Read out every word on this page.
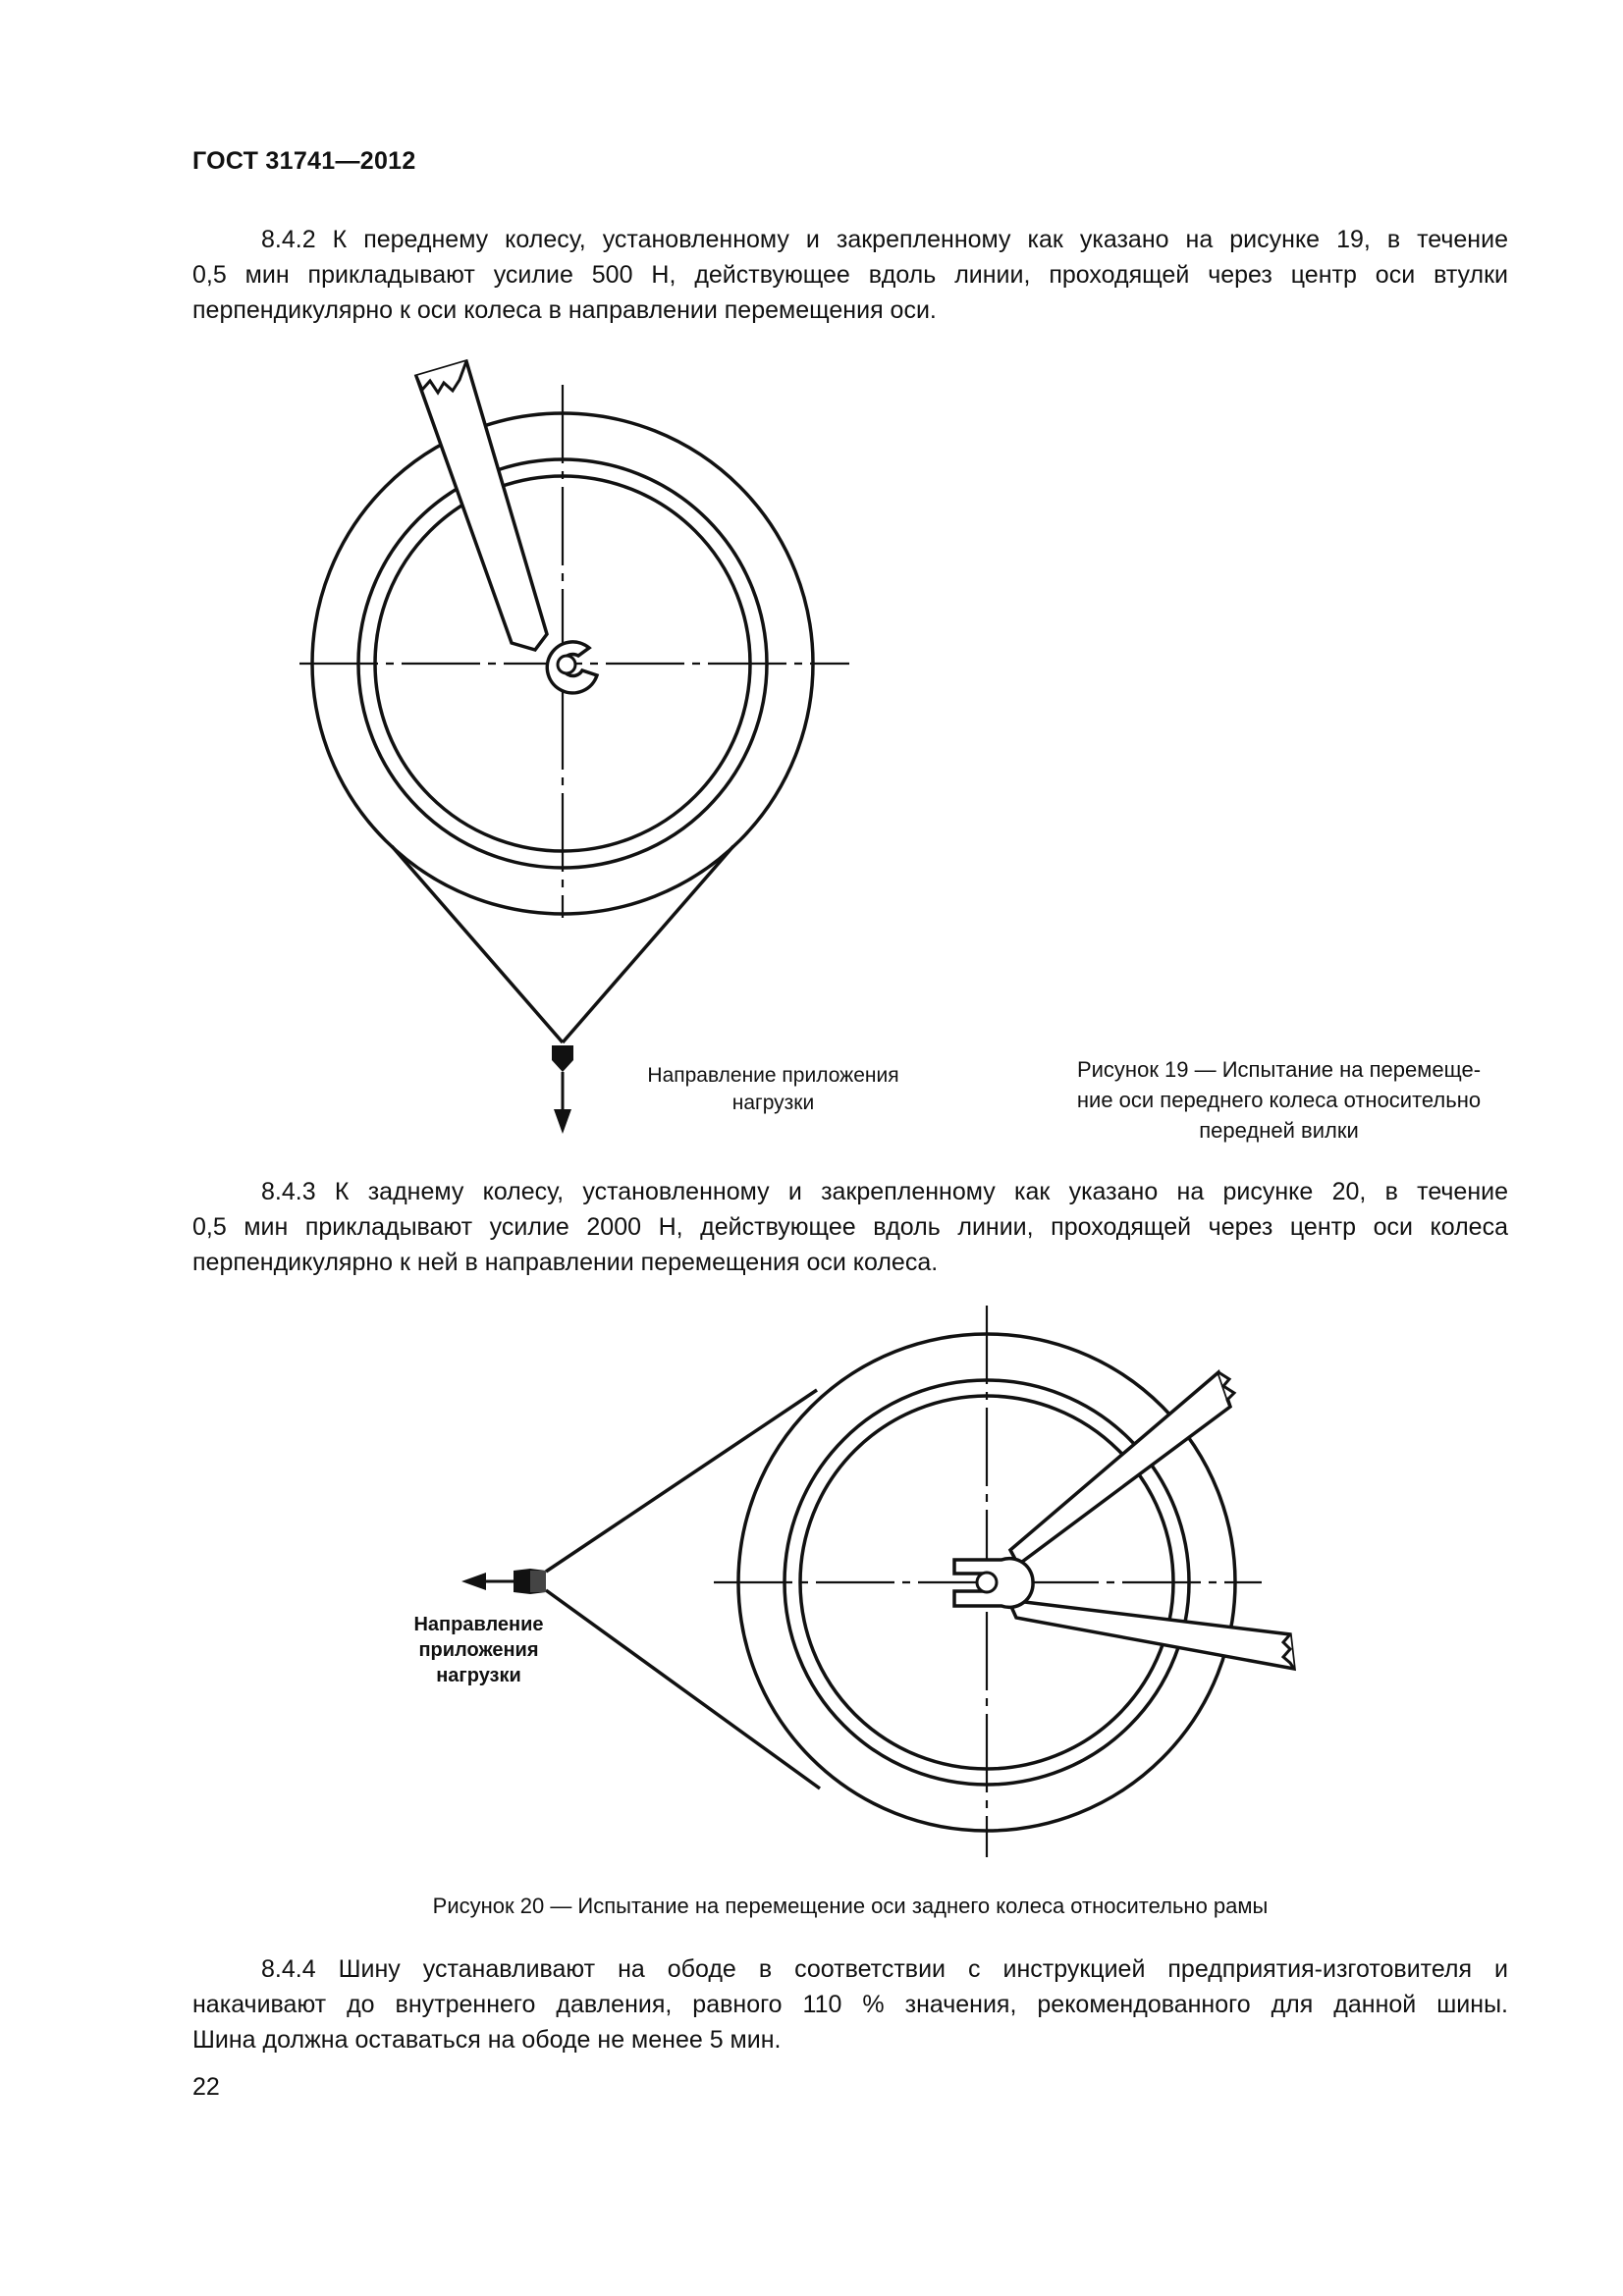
ГОСТ 31741—2012

8.4.2 К переднему колесу, установленному и закрепленному как указано на рисунке 19, в течение
0,5 мин прикладывают усилие 500 Н, действующее вдоль линии, проходящей через центр оси втулки
перпендикулярно к оси колеса в направлении перемещения оси.

Направление приложения
нагрузки
Рисунок 19 — Испытание на перемеще-
ние оси переднего колеса относительно
передней вилки

8.4.3 К заднему колесу, установленному и закрепленному как указано на рисунке 20, в течение
0,5 мин прикладывают усилие 2000 Н, действующее вдоль линии, проходящей через центр оси колеса
перпендикулярно к ней в направлении перемещения оси колеса.

Направление
приложения
нагрузки
Рисунок 20 — Испытание на перемещение оси заднего колеса относительно рамы

8.4.4 Шину устанавливают на ободе в соответствии с инструкцией предприятия-изготовителя и
накачивают до внутреннего давления, равного 110 % значения, рекомендованного для данной шины.
Шина должна оставаться на ободе не менее 5 мин.

22
